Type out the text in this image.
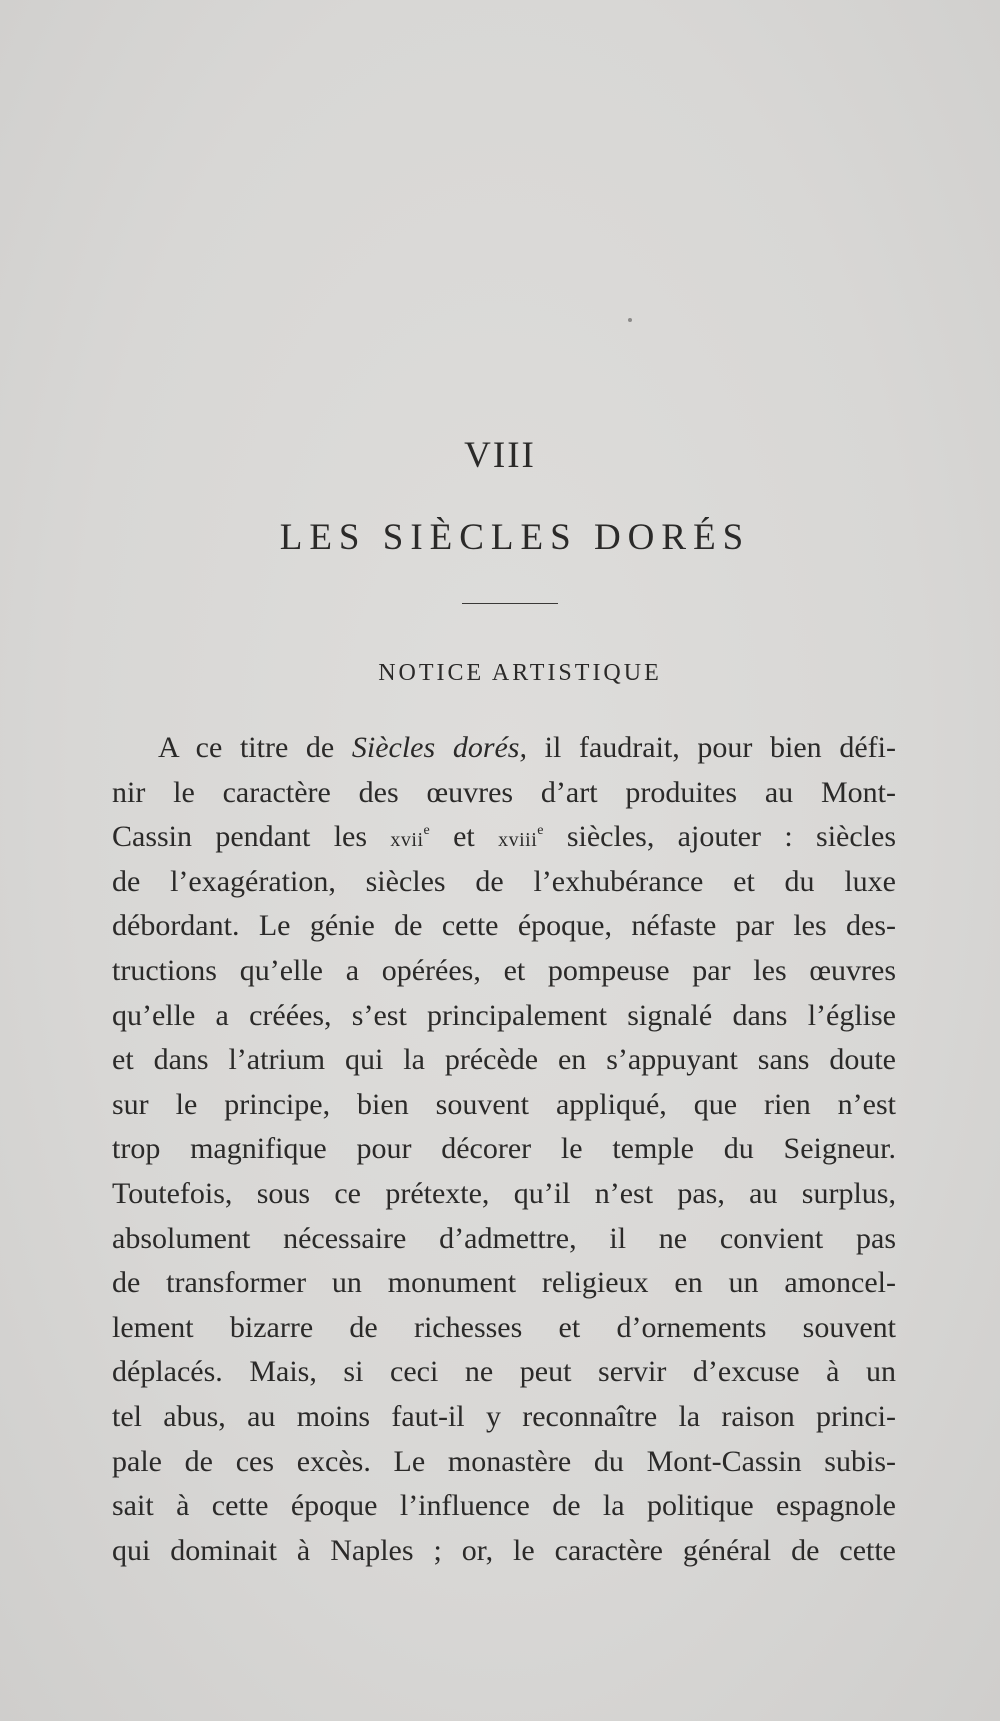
VIII
LES SIÈCLES DORÉS
NOTICE ARTISTIQUE
A ce titre de Siècles dorés, il faudrait, pour bien défi-
nir le caractère des œuvres d’art produites au Mont-
Cassin pendant les xvii$^e$ et xviii$^e$ siècles, ajouter : siècles
de l’exagération, siècles de l’exhubérance et du luxe
débordant. Le génie de cette époque, néfaste par les des-
tructions qu’elle a opérées, et pompeuse par les œuvres
qu’elle a créées, s’est principalement signalé dans l’église
et dans l’atrium qui la précède en s’appuyant sans doute
sur le principe, bien souvent appliqué, que rien n’est
trop magnifique pour décorer le temple du Seigneur.
Toutefois, sous ce prétexte, qu’il n’est pas, au surplus,
absolument nécessaire d’admettre, il ne convient pas
de transformer un monument religieux en un amoncel-
lement bizarre de richesses et d’ornements souvent
déplacés. Mais, si ceci ne peut servir d’excuse à un
tel abus, au moins faut-il y reconnaître la raison princi-
pale de ces excès. Le monastère du Mont-Cassin subis-
sait à cette époque l’influence de la politique espagnole
qui dominait à Naples ; or, le caractère général de cette
